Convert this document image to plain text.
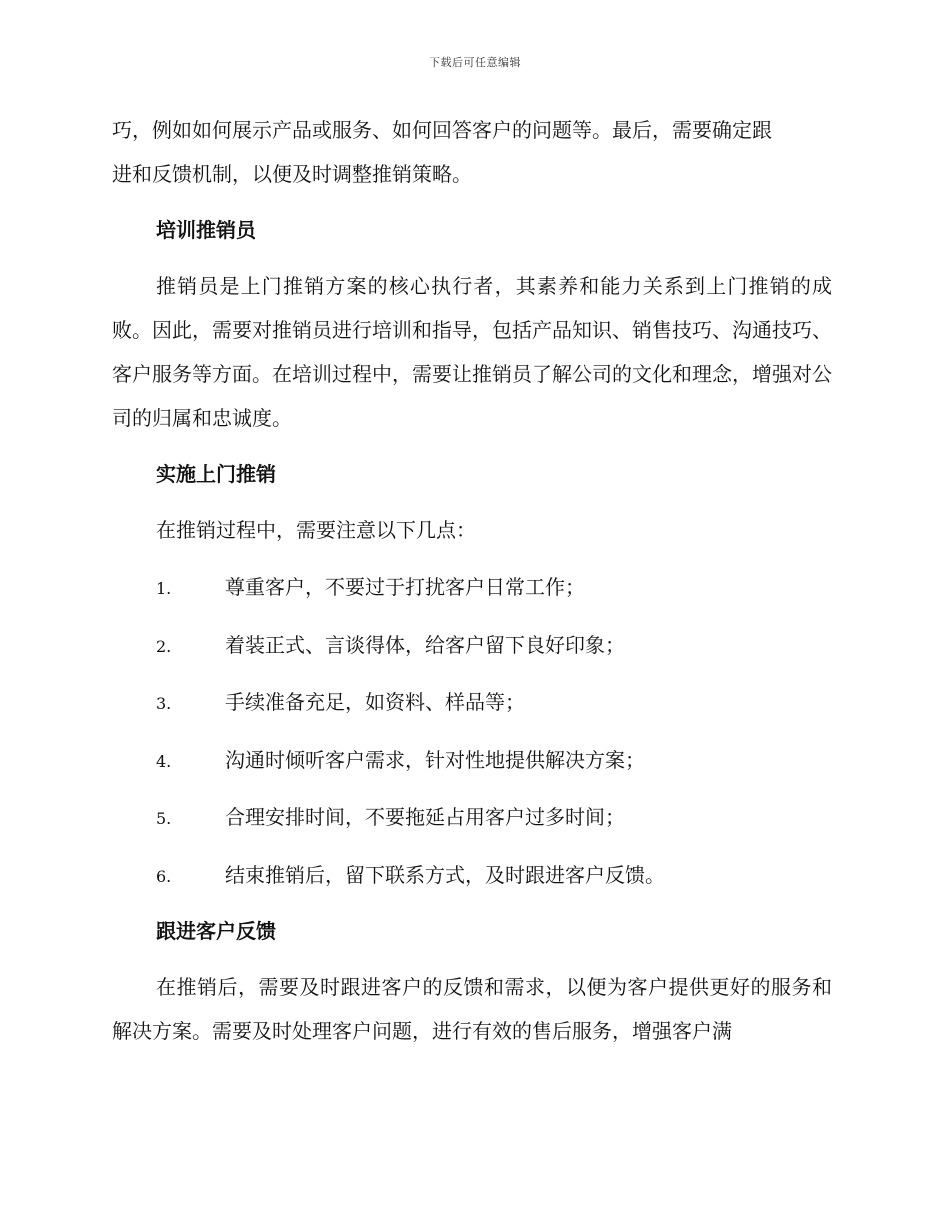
下载后可任意编辑

巧，例如如何展示产品或服务、如何回答客户的问题等。最后，需要确定跟
进和反馈机制，以便及时调整推销策略。

培训推销员

推销员是上门推销方案的核心执行者，其素养和能力关系到上门推销的成败。因此，需要对推销员进行培训和指导，包括产品知识、销售技巧、沟通技巧、客户服务等方面。在培训过程中，需要让推销员了解公司的文化和理念，增强对公司的归属和忠诚度。

实施上门推销

在推销过程中，需要注意以下几点：

1.	尊重客户，不要过于打扰客户日常工作；
2.	着装正式、言谈得体，给客户留下良好印象；
3.	手续准备充足，如资料、样品等；
4.	沟通时倾听客户需求，针对性地提供解决方案；
5.	合理安排时间，不要拖延占用客户过多时间；
6.	结束推销后，留下联系方式，及时跟进客户反馈。
跟进客户反馈

在推销后，需要及时跟进客户的反馈和需求，以便为客户提供更好的服务和解决方案。需要及时处理客户问题，进行有效的售后服务，增强客户满
